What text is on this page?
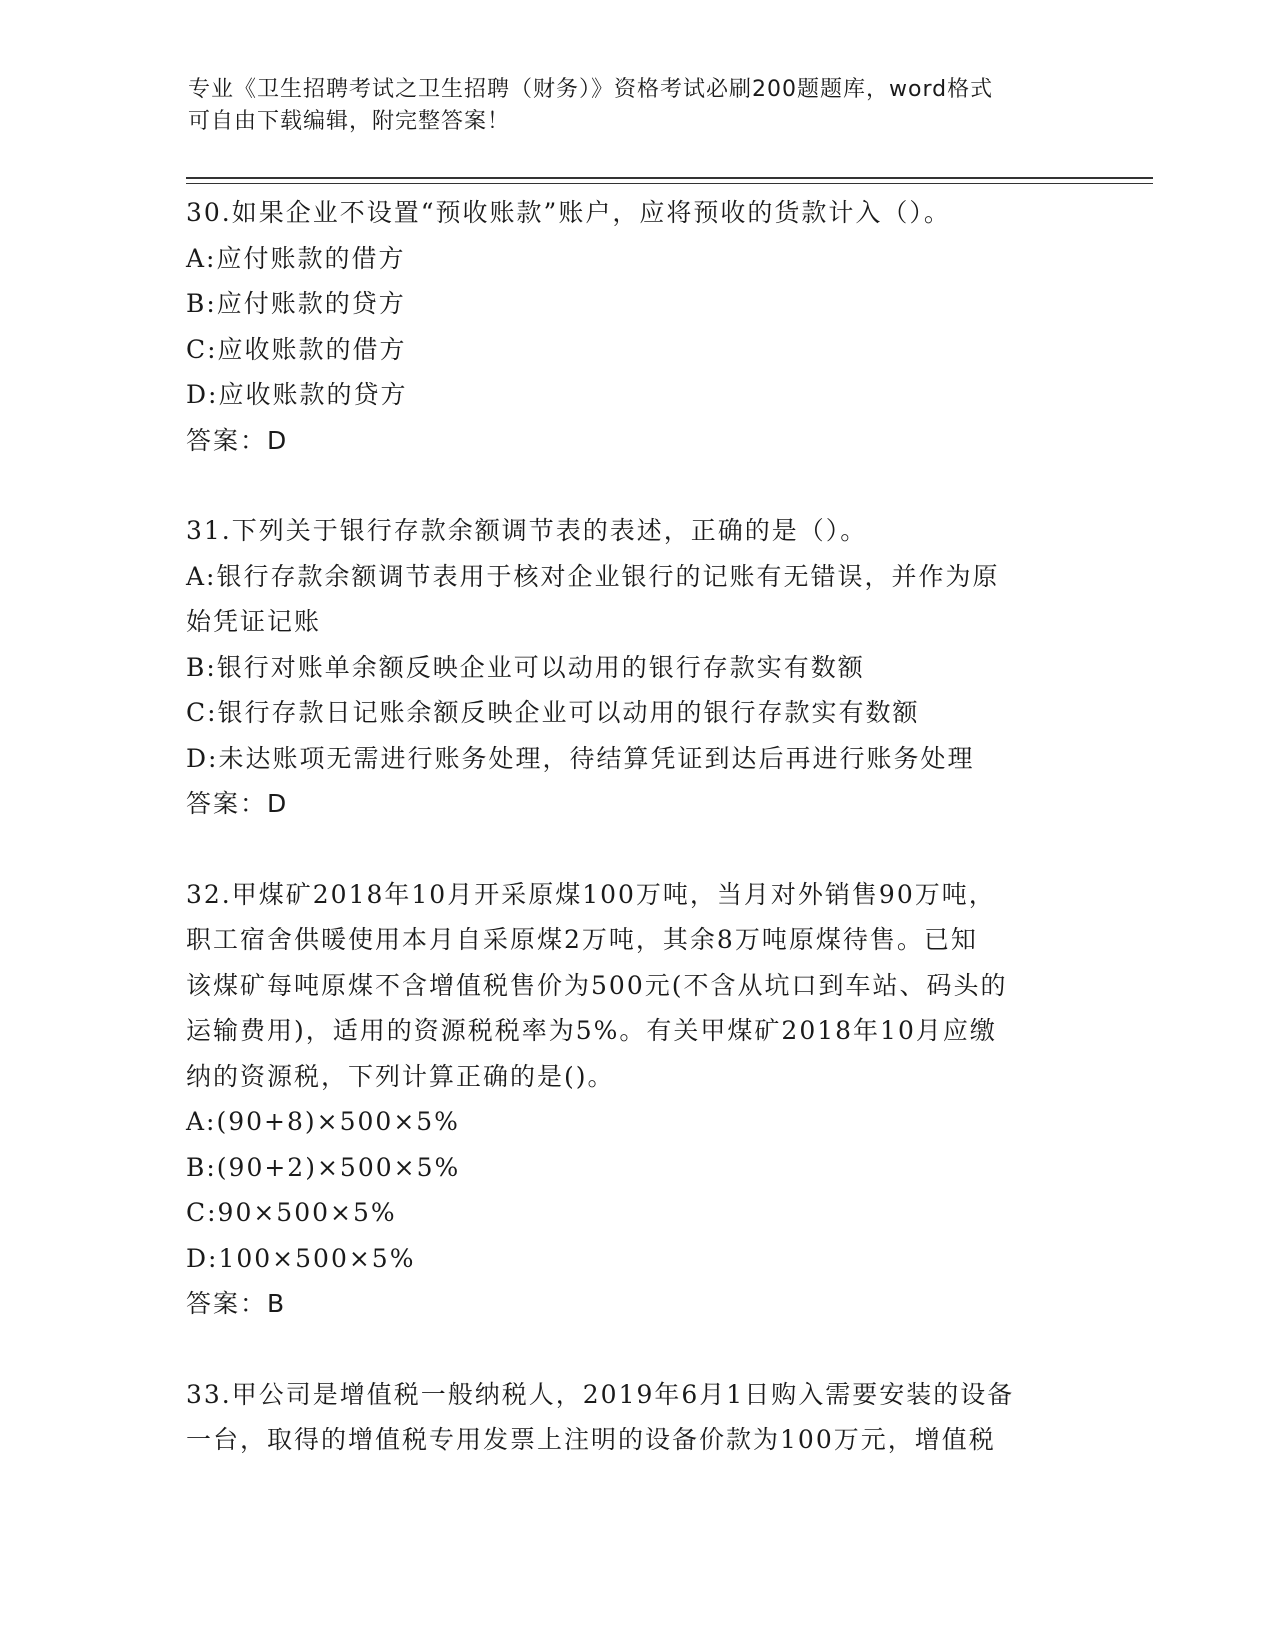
专业《卫生招聘考试之卫生招聘（财务）》资格考试必刷200题题库，word格式
可自由下载编辑，附完整答案！
30.如果企业不设置“预收账款”账户，应将预收的货款计入（）。
A:应付账款的借方
B:应付账款的贷方
C:应收账款的借方
D:应收账款的贷方
答案：D
31.下列关于银行存款余额调节表的表述，正确的是（）。
A:银行存款余额调节表用于核对企业银行的记账有无错误，并作为原
始凭证记账
B:银行对账单余额反映企业可以动用的银行存款实有数额
C:银行存款日记账余额反映企业可以动用的银行存款实有数额
D:未达账项无需进行账务处理，待结算凭证到达后再进行账务处理
答案：D
32.甲煤矿2018年10月开采原煤100万吨，当月对外销售90万吨，
职工宿舍供暖使用本月自采原煤2万吨，其余8万吨原煤待售。已知
该煤矿每吨原煤不含增值税售价为500元(不含从坑口到车站、码头的
运输费用)，适用的资源税税率为5%。有关甲煤矿2018年10月应缴
纳的资源税，下列计算正确的是()。
A:(90+8)×500×5%
B:(90+2)×500×5%
C:90×500×5%
D:100×500×5%
答案：B
33.甲公司是增值税一般纳税人，2019年6月1日购入需要安装的设备
一台，取得的增值税专用发票上注明的设备价款为100万元，增值税
